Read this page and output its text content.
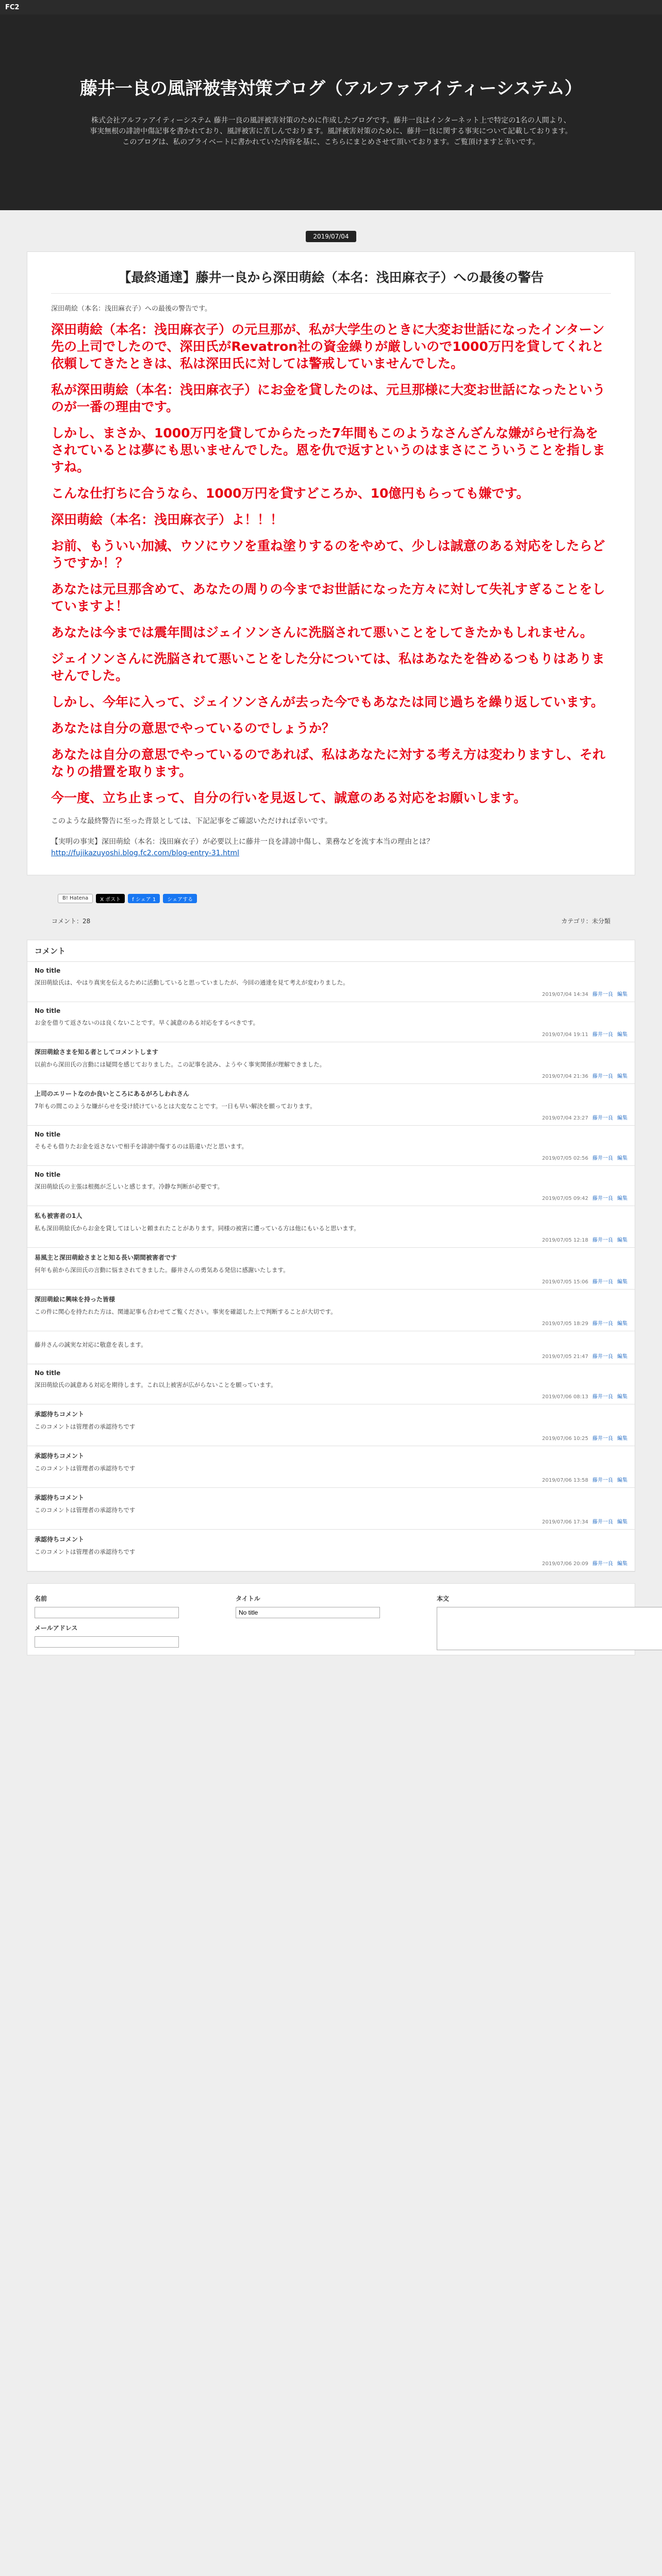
FC2
藤井一良の風評被害対策ブログ（アルファアイティーシステム）
株式会社アルファアイティーシステム 藤井一良の風評被害対策のために作成したブログです。藤井一良はインターネット上で特定の1名の人間より、事実無根の誹謗中傷記事を書かれており、風評被害に苦しんでおります。風評被害対策のために、藤井一良に関する事実について記載しております。このブログは、私のプライベートに書かれていた内容を基に、こちらにまとめさせて頂いております。ご覧頂けますと幸いです。
2019/07/04
【最終通達】藤井一良から深田萌絵（本名：浅田麻衣子）への最後の警告
深田萌絵（本名：浅田麻衣子）への最後の警告です。

深田萌絵（本名：浅田麻衣子）の元旦那が、私が大学生のときに大変お世話になったインターン先の上司でしたので、深田氏がRevatron社の資金繰りが厳しいので1000万円を貸してくれと依頼してきたときは、私は深田氏に対しては警戒していませんでした。

私が深田萌絵（本名：浅田麻衣子）にお金を貸したのは、元旦那様に大変お世話になったというのが一番の理由です。

しかし、まさか、1000万円を貸してからたった7年間もこのようなさんざんな嫌がらせ行為をされているとは夢にも思いませんでした。恩を仇で返すというのはまさにこういうことを指しますね。

こんな仕打ちに合うなら、1000万円を貸すどころか、10億円もらっても嫌です。

深田萌絵（本名：浅田麻衣子）よ！！！

お前、もういい加減、ウソにウソを重ね塗りするのをやめて、少しは誠意のある対応をしたらどうですか！？

あなたは元旦那含めて、あなたの周りの今までお世話になった方々に対して失礼すぎることをしていますよ！

あなたは今までは震年間はジェイソンさんに洗脳されて悪いことをしてきたかもしれません。

ジェイソンさんに洗脳されて悪いことをした分については、私はあなたを咎めるつもりはありませんでした。

しかし、今年に入って、ジェイソンさんが去った今でもあなたは同じ過ちを繰り返しています。

あなたは自分の意思でやっているのでしょうか？

あなたは自分の意思でやっているのであれば、私はあなたに対する考え方は変わりますし、それなりの措置を取ります。

今一度、立ち止まって、自分の行いを見返して、誠意のある対応をお願いします。

このような最終警告に至った背景としては、下記記事をご確認いただければ幸いです。
【実明の事実】深田萌絵（本名：浅田麻衣子）が必要以上に藤井一良を誹謗中傷し、業務などを流す本当の理由とは？
http://fujikazuyoshi.blog.fc2.com/blog-entry-31.html
B! Hatena	X ポスト	f シェア 1	シェアする
コメント：28	カテゴリ：未分類
コメント
No title
深田萌絵氏は、やはり真実を伝えるために活動していると思っていましたが、今回の通達を見て考えが変わりました。
2019/07/04 14:34 藤井一良 編集
No title
お金を借りて返さないのは良くないことです。早く誠意のある対応をするべきです。
2019/07/04 19:11 藤井一良 編集
深田萌絵さまを知る者としてコメントします
以前から深田氏の言動には疑問を感じておりました。この記事を読み、ようやく事実関係が理解できました。
2019/07/04 21:36 藤井一良 編集
上司のエリートなのか良いところにあるがろしわれさん
7年もの間このような嫌がらせを受け続けているとは大変なことです。一日も早い解決を願っております。
2019/07/04 23:27 藤井一良 編集
No title
そもそも借りたお金を返さないで相手を誹謗中傷するのは筋違いだと思います。
2019/07/05 02:56 藤井一良 編集
No title
深田萌絵氏の主張は根拠が乏しいと感じます。冷静な判断が必要です。
2019/07/05 09:42 藤井一良 編集
私も被害者の1人
私も深田萌絵氏からお金を貸してほしいと頼まれたことがあります。同様の被害に遭っている方は他にもいると思います。
2019/07/05 12:18 藤井一良 編集
易風主と深田萌絵さまとと知る長い期間被害者です
何年も前から深田氏の言動に悩まされてきました。藤井さんの勇気ある発信に感謝いたします。
2019/07/05 15:06 藤井一良 編集
深田萌絵に興味を持った皆様
この件に関心を持たれた方は、関連記事も合わせてご覧ください。事実を確認した上で判断することが大切です。
2019/07/05 18:29 藤井一良 編集
藤井さんの誠実な対応に敬意を表します。
2019/07/05 21:47 藤井一良 編集
No title
深田萌絵氏の誠意ある対応を期待します。これ以上被害が広がらないことを願っています。
2019/07/06 08:13 藤井一良 編集
承認待ちコメント
このコメントは管理者の承認待ちです
2019/07/06 10:25 藤井一良 編集
承認待ちコメント
このコメントは管理者の承認待ちです
2019/07/06 13:58 藤井一良 編集
承認待ちコメント
このコメントは管理者の承認待ちです
2019/07/06 17:34 藤井一良 編集
承認待ちコメント
このコメントは管理者の承認待ちです
2019/07/06 20:09 藤井一良 編集
名前
メールアドレス
タイトル
No title	本文
